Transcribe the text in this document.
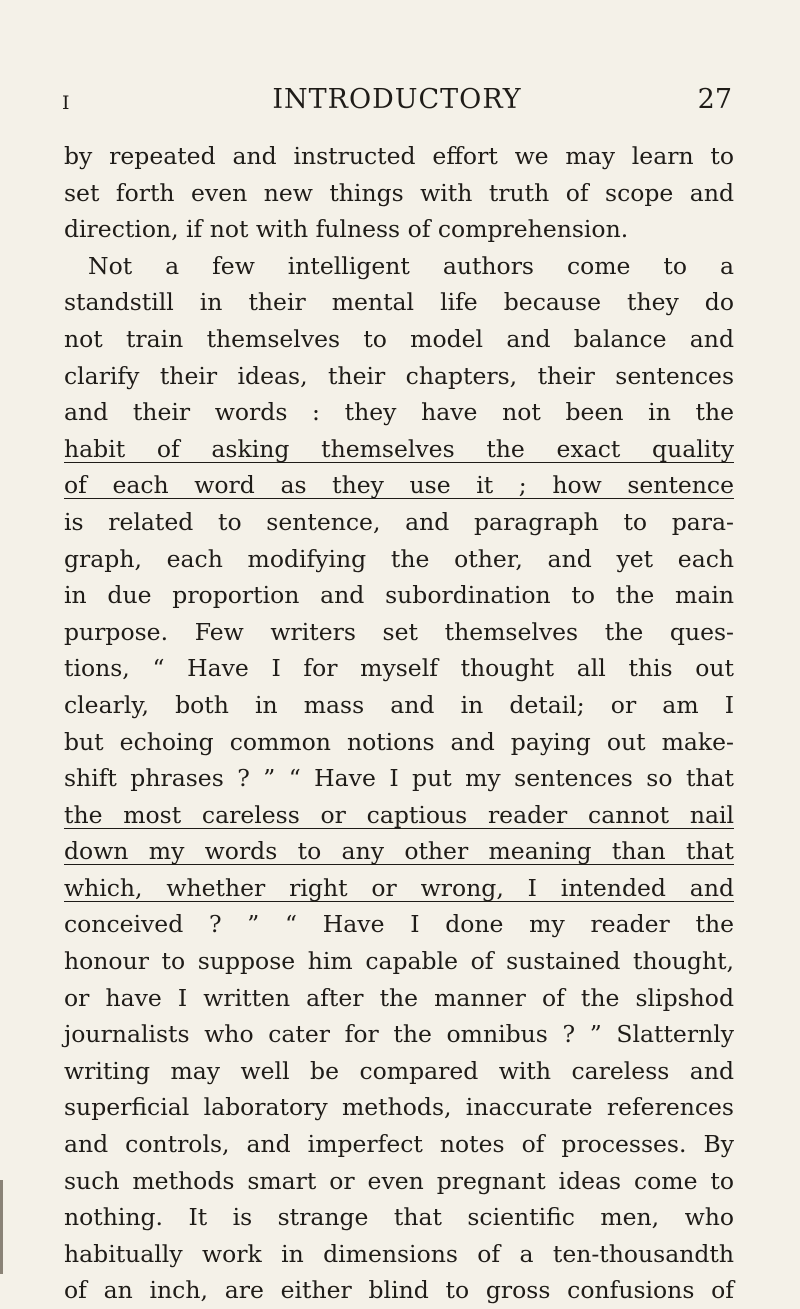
I	INTRODUCTORY	27
by repeated and instructed effort we may learn to
set forth even new things with truth of scope and
direction, if not with fulness of comprehension.
Not a few intelligent authors come to a
standstill in their mental life because they do
not train themselves to model and balance and
clarify their ideas, their chapters, their sentences
and their words : they have not been in the
habit of asking themselves the exact quality
of each word as they use it ; how sentence
is related to sentence, and paragraph to para-
graph, each modifying the other, and yet each
in due proportion and subordination to the main
purpose. Few writers set themselves the ques-
tions, “ Have I for myself thought all this out
clearly, both in mass and in detail; or am I
but echoing common notions and paying out make-
shift phrases ? ” “ Have I put my sentences so that
the most careless or captious reader cannot nail
down my words to any other meaning than that
which, whether right or wrong, I intended and
conceived ? ” “ Have I done my reader the
honour to suppose him capable of sustained thought,
or have I written after the manner of the slipshod
journalists who cater for the omnibus ? ” Slatternly
writing may well be compared with careless and
superficial laboratory methods, inaccurate references
and controls, and imperfect notes of processes. By
such methods smart or even pregnant ideas come to
nothing. It is strange that scientific men, who
habitually work in dimensions of a ten-thousandth
of an inch, are either blind to gross confusions of
